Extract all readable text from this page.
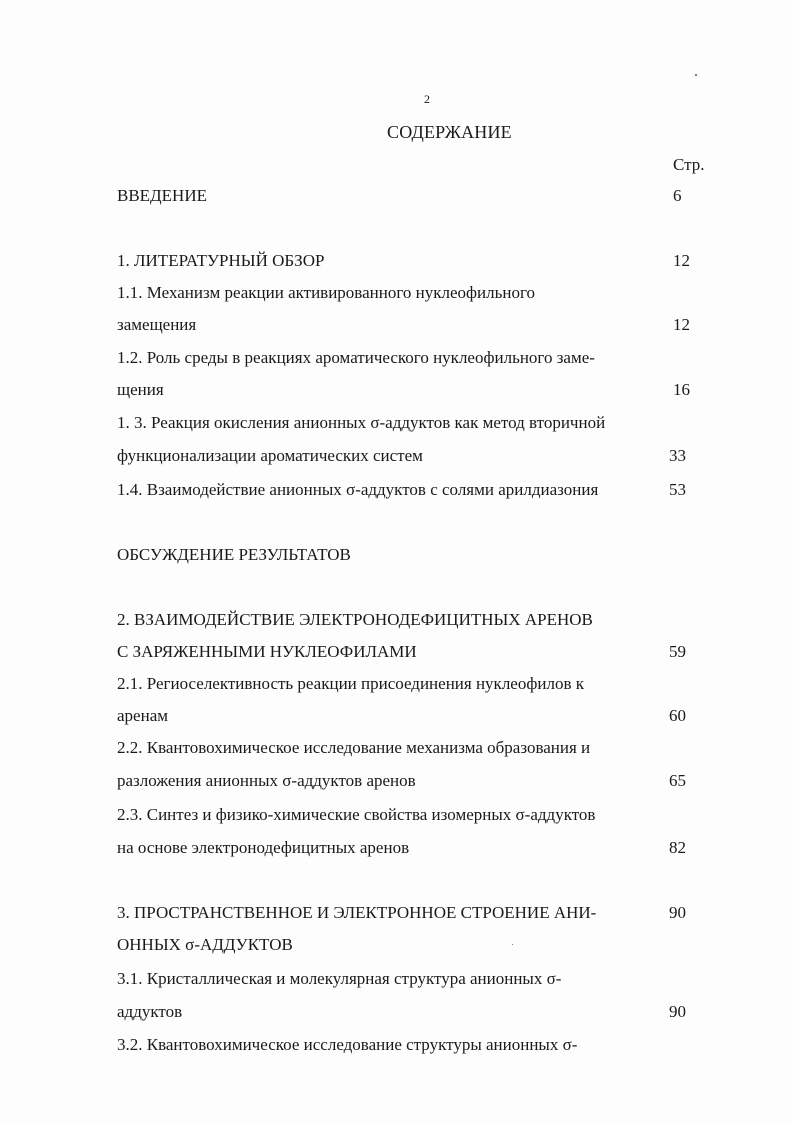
2
СОДЕРЖАНИЕ
Стр.
ВВЕДЕНИЕ	6
1. ЛИТЕРАТУРНЫЙ ОБЗОР	12
1.1. Механизм реакции активированного нуклеофильного
замещения	12
1.2. Роль среды в реакциях ароматического нуклеофильного заме-
щения	16
1. 3. Реакция окисления анионных σ-аддуктов как метод вторичной
функционализации ароматических систем	33
1.4. Взаимодействие анионных σ-аддуктов с солями арилдиазония	53
ОБСУЖДЕНИЕ РЕЗУЛЬТАТОВ
2. ВЗАИМОДЕЙСТВИЕ ЭЛЕКТРОНОДЕФИЦИТНЫХ АРЕНОВ
С ЗАРЯЖЕННЫМИ НУКЛЕОФИЛАМИ	59
2.1. Региоселективность реакции присоединения нуклеофилов к
аренам	60
2.2. Квантовохимическое исследование механизма образования и
разложения анионных σ-аддуктов аренов	65
2.3. Синтез и физико-химические свойства изомерных σ-аддуктов
на основе электронодефицитных аренов	82
3. ПРОСТРАНСТВЕННОЕ И ЭЛЕКТРОННОЕ СТРОЕНИЕ АНИ-	90
ОННЫХ σ-АДДУКТОВ
3.1. Кристаллическая и молекулярная структура анионных σ-
аддуктов	90
3.2. Квантовохимическое исследование структуры анионных σ-
